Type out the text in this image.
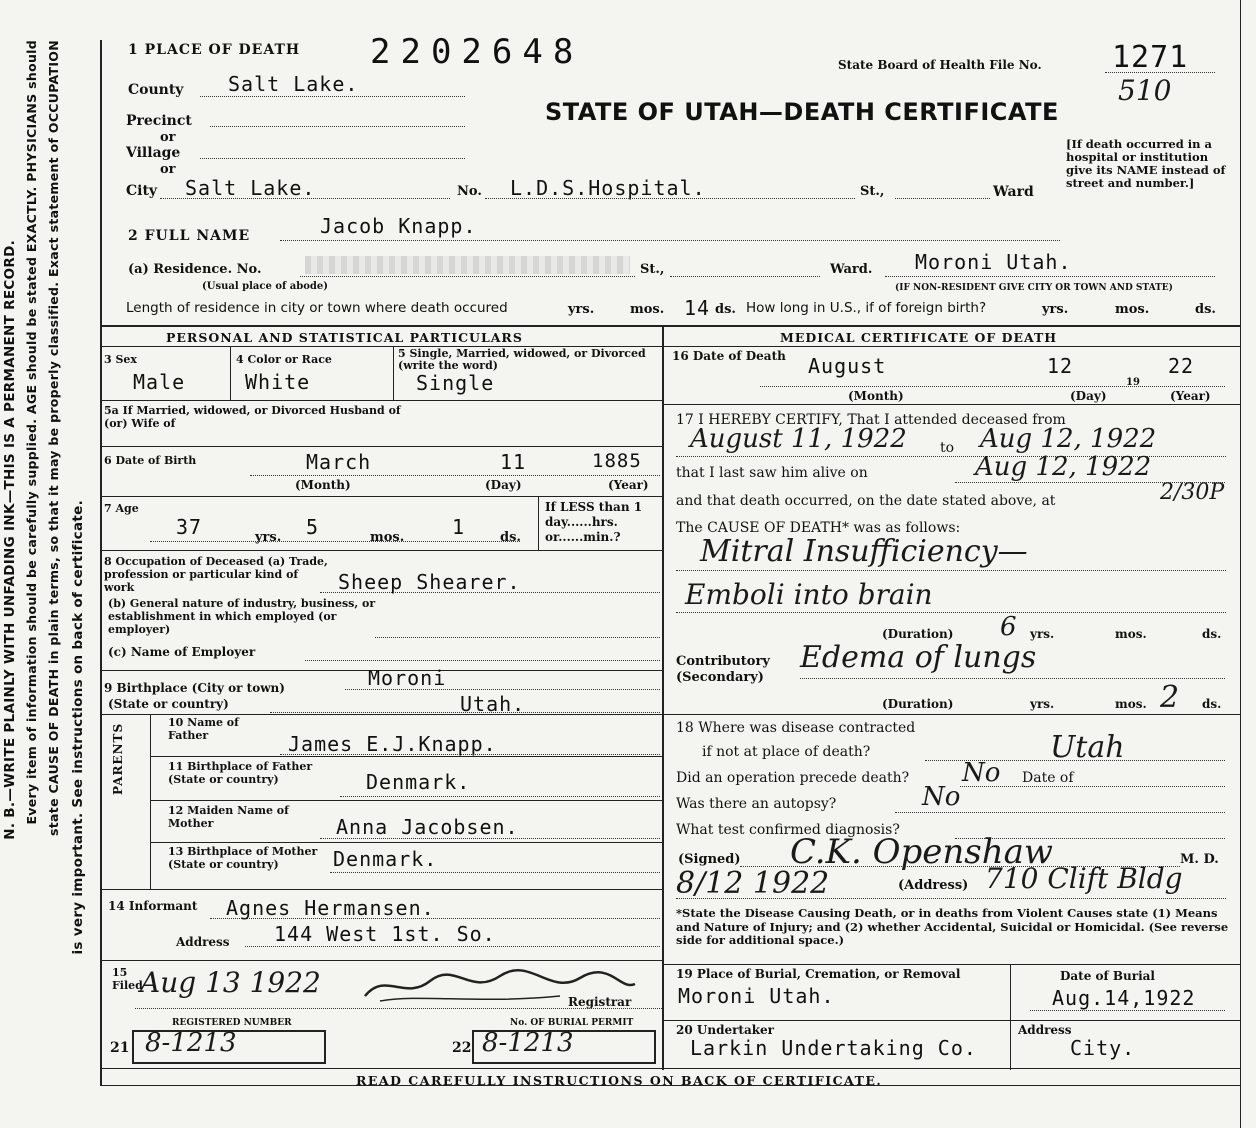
N. B.—WRITE PLAINLY WITH UNFADING INK—THIS IS A PERMANENT RECORD. Every item of information should be carefully supplied. AGE should be stated EXACTLY. PHYSICIANS should state CAUSE OF DEATH in plain terms, so that it may be properly classified. Exact statement of OCCUPATION is very important. See instructions on back of certificate.
1 PLACE OF DEATH 2202648	State Board of Health File No. 1271
510
STATE OF UTAH—DEATH CERTIFICATE
[If death occurred in a hospital or institution give its NAME instead of street and number.]
County Salt Lake.
Precinct
or
Village
or
City Salt Lake.	No. L.D.S.Hospital.	St.,	Ward
2 FULL NAME	Jacob Knapp.
(a) Residence. No.	St.,	Ward. Moroni Utah.
(Usual place of abode)	(IF NON-RESIDENT GIVE CITY OR TOWN AND STATE)
Length of residence in city or town where death occured	yrs.	mos. 14 ds. How long in U.S., if of foreign birth?	yrs.	mos.	ds.
PERSONAL AND STATISTICAL PARTICULARS
3 Sex
Male
4 Color or Race
White
5 Single, Married, widowed, or Divorced (write the word)
Single
5a If Married, widowed, or Divorced Husband of (or) Wife of
6 Date of Birth	March	11	1885
(Month)	(Day)	(Year)
7 Age
37	yrs. 5	mos. 1	ds.
If LESS than 1 day......hrs. or......min.?
8 Occupation of Deceased (a) Trade, profession or particular kind of work	Sheep Shearer.
(b) General nature of industry, business, or establishment in which employed (or employer)
(c) Name of Employer
9 Birthplace (City or town)	Moroni
(State or country)	Utah.
PARENTS
10 Name of Father	James E.J.Knapp.
11 Birthplace of Father (State or country)	Denmark.
12 Maiden Name of Mother	Anna Jacobsen.
13 Birthplace of Mother (State or country)	Denmark.
14 Informant	Agnes Hermansen.
Address 144 West 1st. So.
15 Filed
Aug 13 1922
Registrar
REGISTERED NUMBER	No. OF BURIAL PERMIT
21 8-1213	22 8-1213
MEDICAL CERTIFICATE OF DEATH
16 Date of Death August	12	22
19
(Month)	(Day)	(Year)
17 I HEREBY CERTIFY, That I attended deceased from
August 11, 1922 to Aug 12, 1922
that I last saw him alive on	Aug 12, 1922
and that death occurred, on the date stated above, at	2/30P
The CAUSE OF DEATH* was as follows:
Mitral Insufficiency—
Emboli into brain
(Duration) 6 yrs.	mos.	ds.
Contributory (Secondary)
Edema of lungs
(Duration)	yrs.	mos. 2 ds.
18 Where was disease contracted
if not at place of death?	Utah
Did an operation precede death? No Date of
Was there an autopsy?	No
What test confirmed diagnosis?
(Signed) C.K. Openshaw	M. D.
8/12 1922	(Address) 710 Clift Bldg
*State the Disease Causing Death, or in deaths from Violent Causes state (1) Means and Nature of Injury; and (2) whether Accidental, Suicidal or Homicidal. (See reverse side for additional space.)
19 Place of Burial, Cremation, or Removal
Moroni Utah.
Date of Burial
Aug.14,1922
20 Undertaker
Larkin Undertaking Co.
Address
City.
READ CAREFULLY INSTRUCTIONS ON BACK OF CERTIFICATE.
